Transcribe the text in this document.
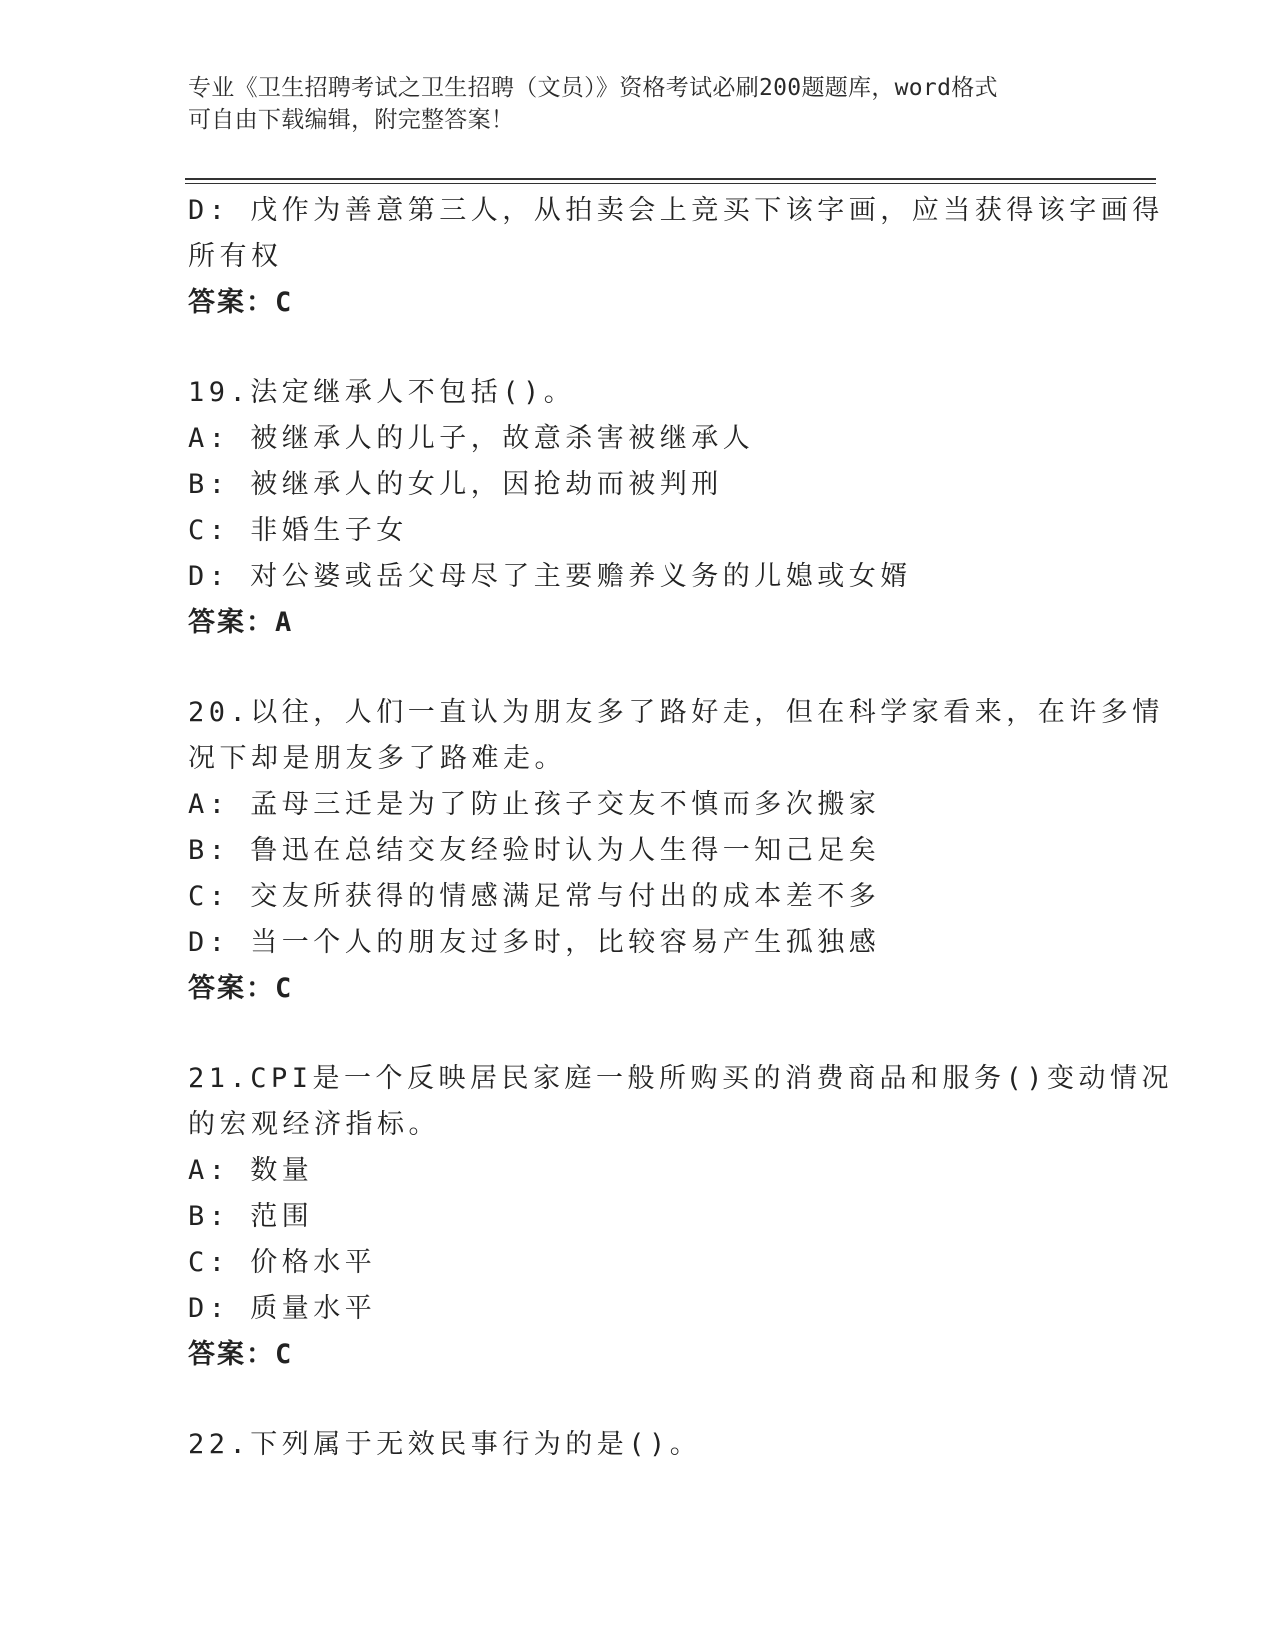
专业《卫生招聘考试之卫生招聘（文员）》资格考试必刷200题题库，word格式
可自由下载编辑，附完整答案！
D: 戊作为善意第三人，从拍卖会上竞买下该字画，应当获得该字画得
所有权
答案：C
19.法定继承人不包括()。
A: 被继承人的儿子，故意杀害被继承人
B: 被继承人的女儿，因抢劫而被判刑
C: 非婚生子女
D: 对公婆或岳父母尽了主要赡养义务的儿媳或女婿
答案：A
20.以往，人们一直认为朋友多了路好走，但在科学家看来，在许多情
况下却是朋友多了路难走。
A: 孟母三迁是为了防止孩子交友不慎而多次搬家
B: 鲁迅在总结交友经验时认为人生得一知己足矣
C: 交友所获得的情感满足常与付出的成本差不多
D: 当一个人的朋友过多时，比较容易产生孤独感
答案：C
21.CPI是一个反映居民家庭一般所购买的消费商品和服务()变动情况
的宏观经济指标。
A: 数量
B: 范围
C: 价格水平
D: 质量水平
答案：C
22.下列属于无效民事行为的是()。
